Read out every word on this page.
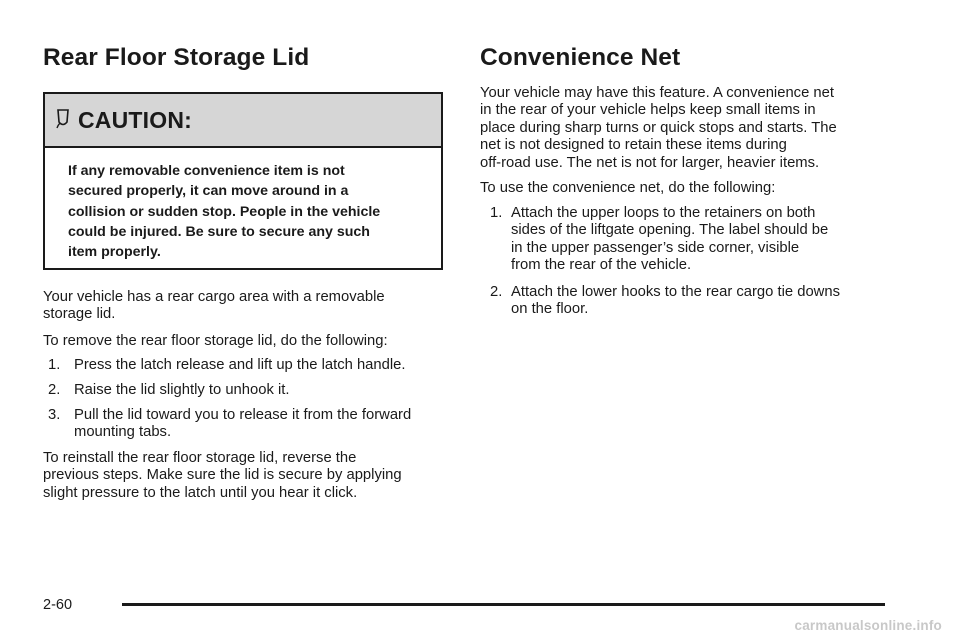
Rear Floor Storage Lid
CAUTION:
If any removable convenience item is not
secured properly, it can move around in a
collision or sudden stop. People in the vehicle
could be injured. Be sure to secure any such
item properly.

Your vehicle has a rear cargo area with a removable
storage lid.

To remove the rear floor storage lid, do the following:

1. Press the latch release and lift up the latch handle.
2. Raise the lid slightly to unhook it.
3. Pull the lid toward you to release it from the forward
mounting tabs.

To reinstall the rear floor storage lid, reverse the
previous steps. Make sure the lid is secure by applying
slight pressure to the latch until you hear it click.

Convenience Net

Your vehicle may have this feature. A convenience net
in the rear of your vehicle helps keep small items in
place during sharp turns or quick stops and starts. The
net is not designed to retain these items during
off-road use. The net is not for larger, heavier items.

To use the convenience net, do the following:

1. Attach the upper loops to the retainers on both
sides of the liftgate opening. The label should be
in the upper passenger’s side corner, visible
from the rear of the vehicle.
2. Attach the lower hooks to the rear cargo tie downs
on the floor.
2-60
carmanualsonline.info
